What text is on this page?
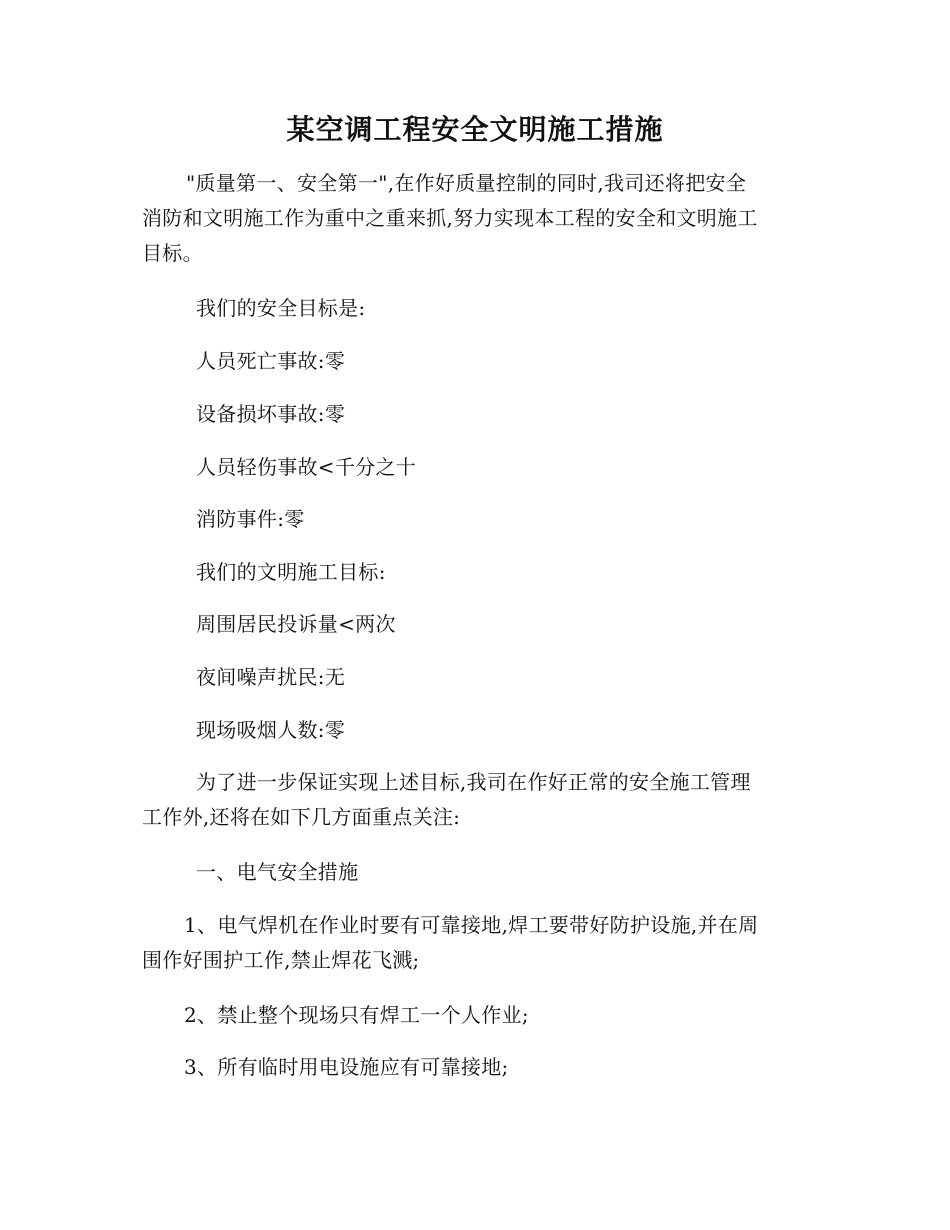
某空调工程安全文明施工措施

"质量第一、安全第一",在作好质量控制的同时,我司还将把安全
消防和文明施工作为重中之重来抓,努力实现本工程的安全和文明施工
目标。

我们的安全目标是:

人员死亡事故:零

设备损坏事故:零

人员轻伤事故<千分之十

消防事件:零

我们的文明施工目标:

周围居民投诉量<两次

夜间噪声扰民:无

现场吸烟人数:零

为了进一步保证实现上述目标,我司在作好正常的安全施工管理
工作外,还将在如下几方面重点关注:

一、电气安全措施

1、电气焊机在作业时要有可靠接地,焊工要带好防护设施,并在周
围作好围护工作,禁止焊花飞溅;

2、禁止整个现场只有焊工一个人作业;

3、所有临时用电设施应有可靠接地;
